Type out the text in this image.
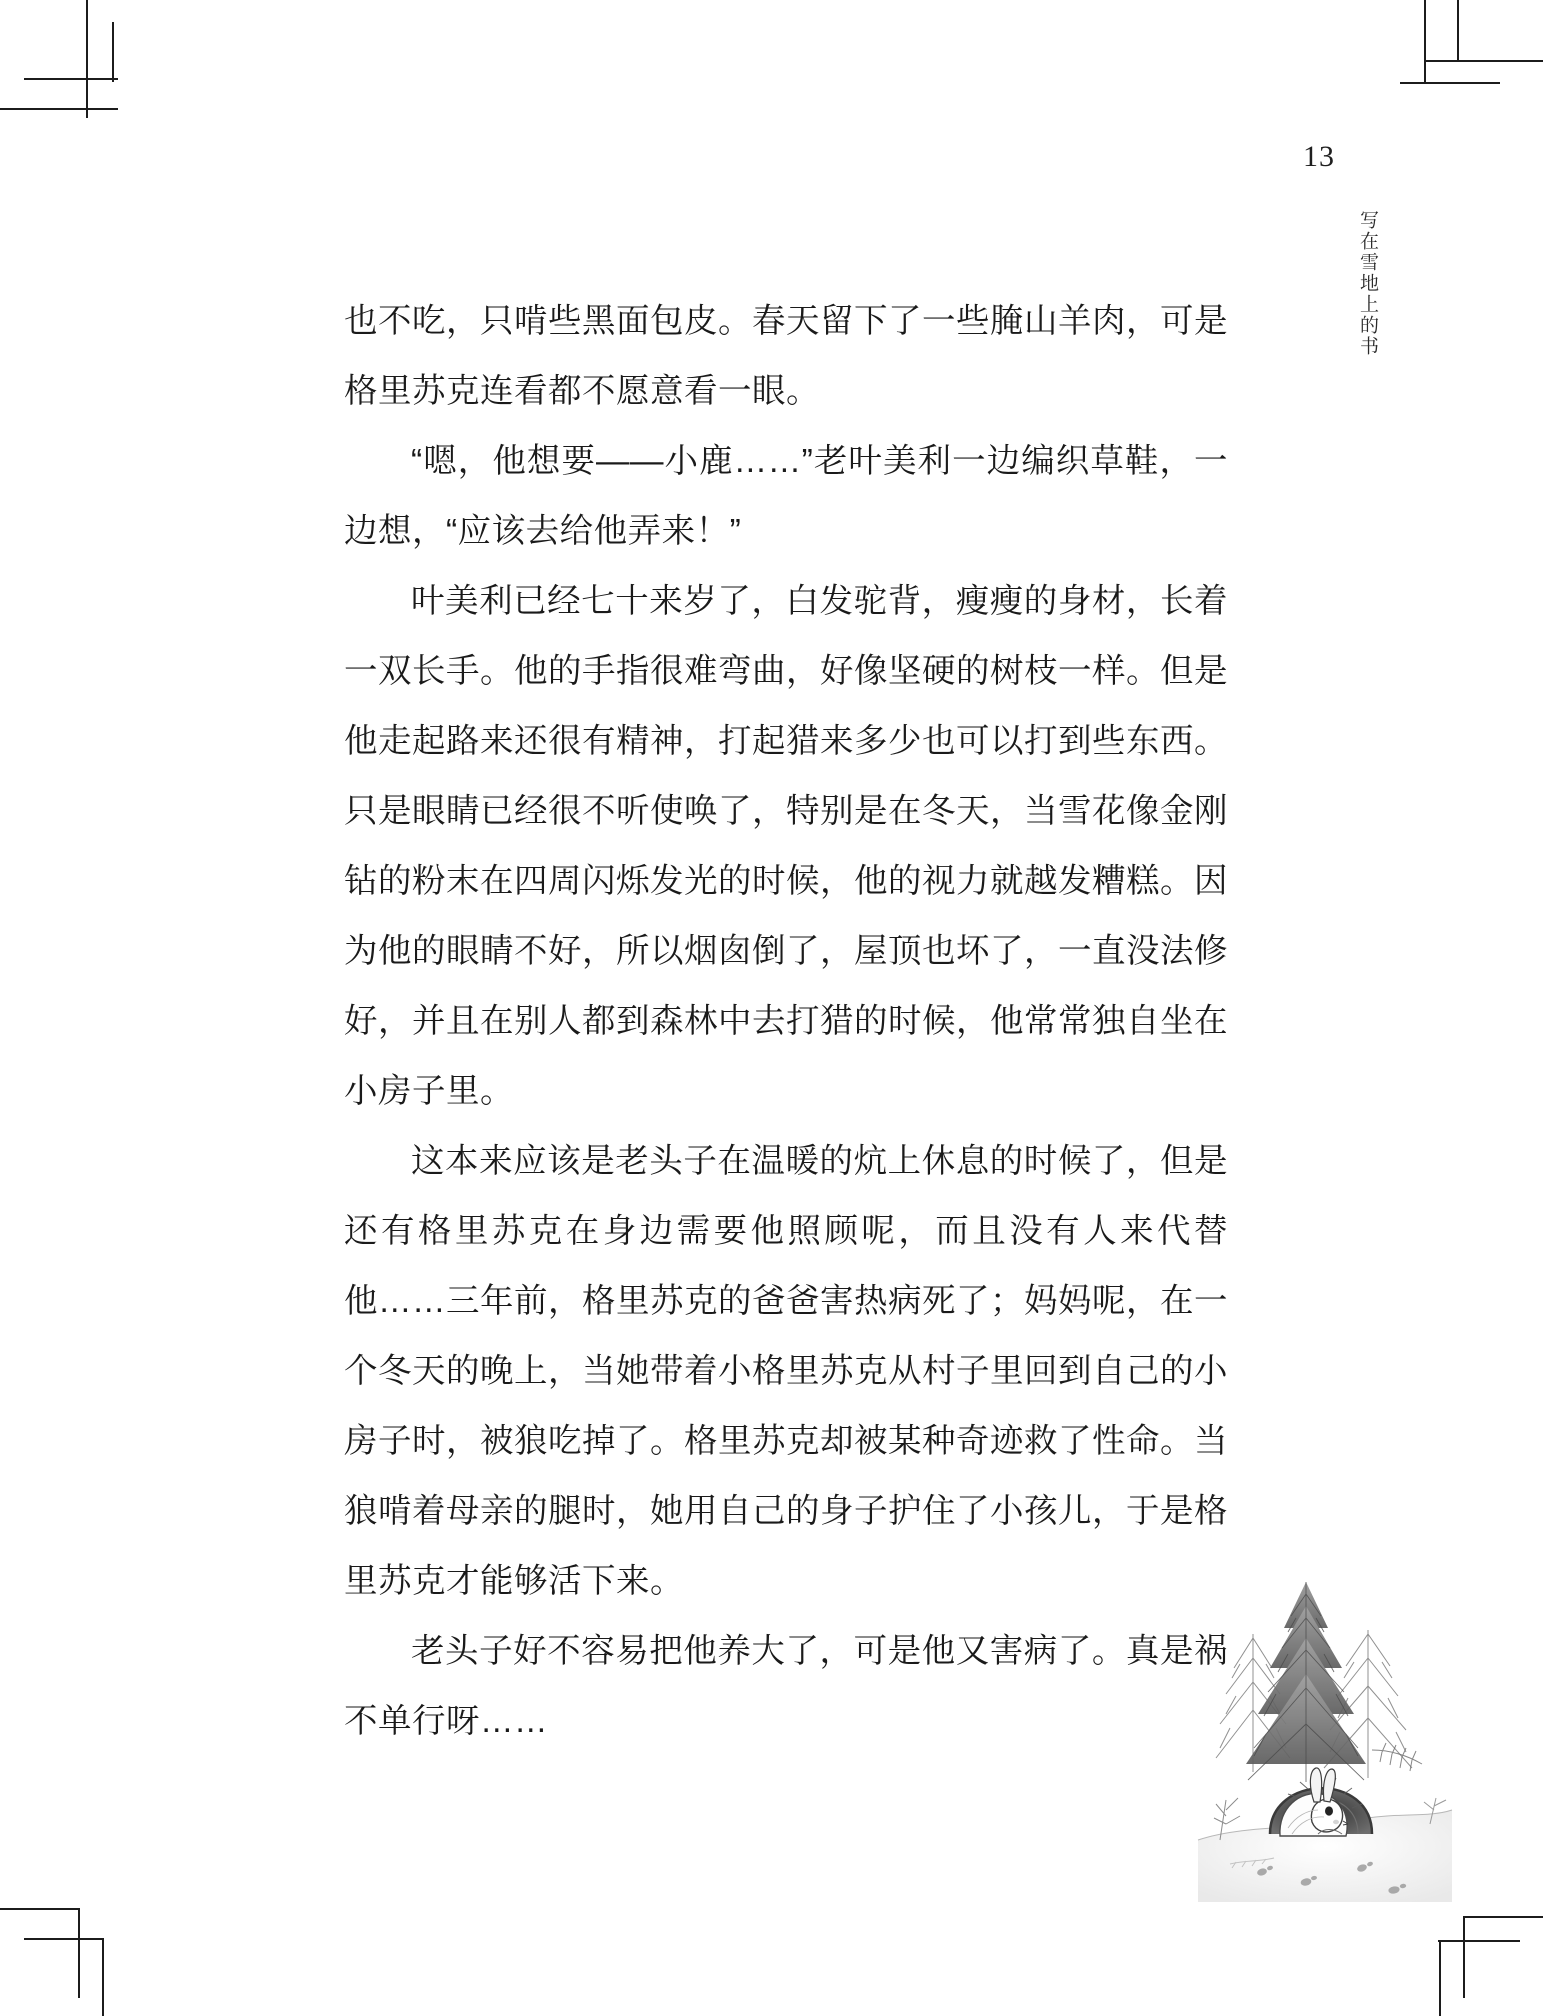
13
写在雪地上的书

也不吃，只啃些黑面包皮。春天留下了一些腌山羊肉，可是格里苏克连看都不愿意看一眼。

“嗯，他想要——小鹿……”老叶美利一边编织草鞋，一边想，“应该去给他弄来！”

叶美利已经七十来岁了，白发驼背，瘦瘦的身材，长着一双长手。他的手指很难弯曲，好像坚硬的树枝一样。但是他走起路来还很有精神，打起猎来多少也可以打到些东西。只是眼睛已经很不听使唤了，特别是在冬天，当雪花像金刚钻的粉末在四周闪烁发光的时候，他的视力就越发糟糕。因为他的眼睛不好，所以烟囱倒了，屋顶也坏了，一直没法修好，并且在别人都到森林中去打猎的时候，他常常独自坐在小房子里。

这本来应该是老头子在温暖的炕上休息的时候了，但是还有格里苏克在身边需要他照顾呢，而且没有人来代替他……三年前，格里苏克的爸爸害热病死了；妈妈呢，在一个冬天的晚上，当她带着小格里苏克从村子里回到自己的小房子时，被狼吃掉了。格里苏克却被某种奇迹救了性命。当狼啃着母亲的腿时，她用自己的身子护住了小孩儿，于是格里苏克才能够活下来。

老头子好不容易把他养大了，可是他又害病了。真是祸不单行呀……
